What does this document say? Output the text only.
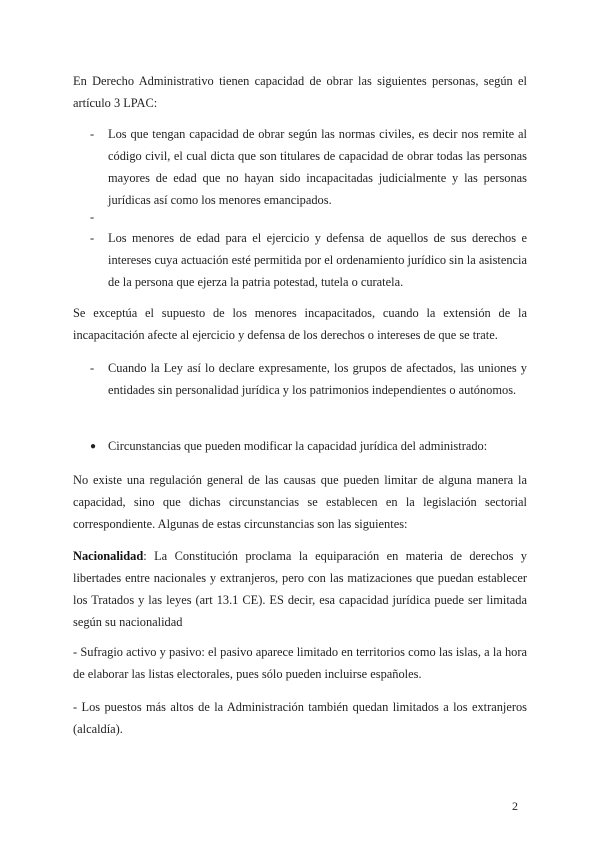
En Derecho Administrativo tienen capacidad de obrar las siguientes personas, según el artículo 3 LPAC:

- Los que tengan capacidad de obrar según las normas civiles, es decir nos remite al código civil, el cual dicta que son titulares de capacidad de obrar todas las personas mayores de edad que no hayan sido incapacitadas judicialmente y las personas jurídicas así como los menores emancipados.

-

- Los menores de edad para el ejercicio y defensa de aquellos de sus derechos e intereses cuya actuación esté permitida por el ordenamiento jurídico sin la asistencia de la persona que ejerza la patria potestad, tutela o curatela.

Se exceptúa el supuesto de los menores incapacitados, cuando la extensión de la incapacitación afecte al ejercicio y defensa de los derechos o intereses de que se trate.

- Cuando la Ley así lo declare expresamente, los grupos de afectados, las uniones y entidades sin personalidad jurídica y los patrimonios independientes o autónomos.

● Circunstancias que pueden modificar la capacidad jurídica del administrado:

No existe una regulación general de las causas que pueden limitar de alguna manera la capacidad, sino que dichas circunstancias se establecen en la legislación sectorial correspondiente. Algunas de estas circunstancias son las siguientes:

Nacionalidad: La Constitución proclama la equiparación en materia de derechos y libertades entre nacionales y extranjeros, pero con las matizaciones que puedan establecer los Tratados y las leyes (art 13.1 CE). ES decir, esa capacidad jurídica puede ser limitada según su nacionalidad

- Sufragio activo y pasivo: el pasivo aparece limitado en territorios como las islas, a la hora de elaborar las listas electorales, pues sólo pueden incluirse españoles.

- Los puestos más altos de la Administración también quedan limitados a los extranjeros (alcaldía).

2
